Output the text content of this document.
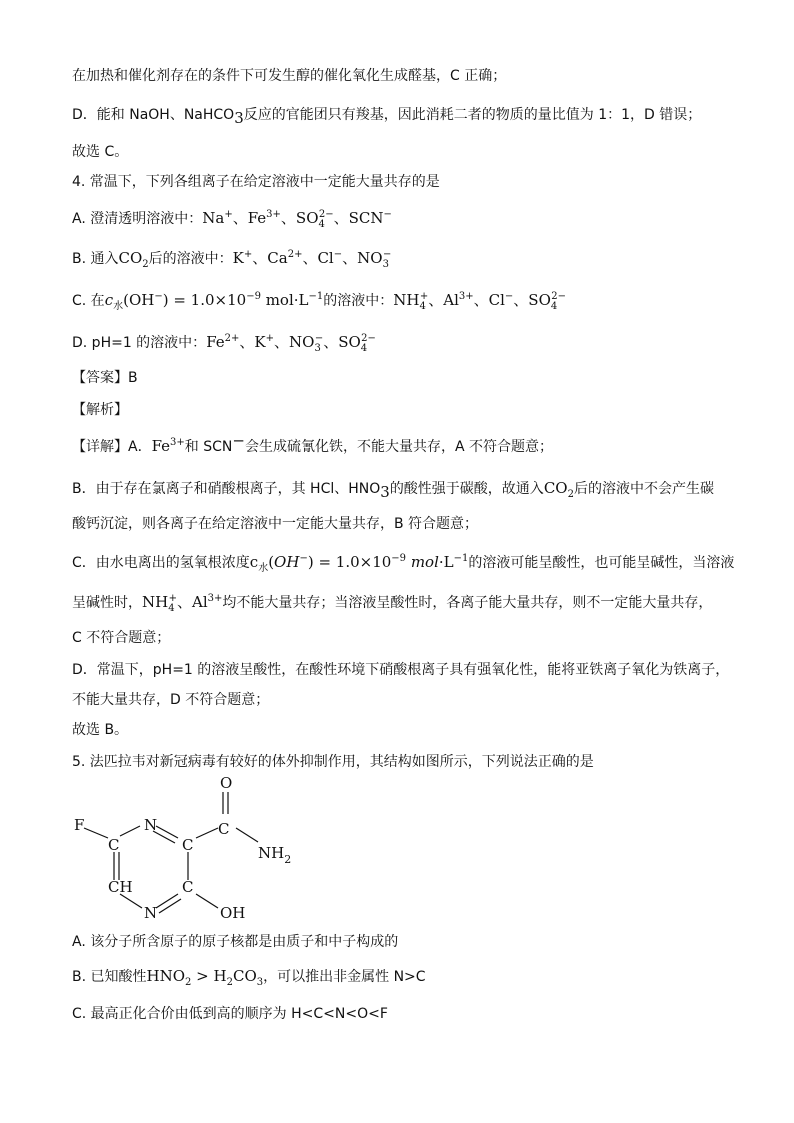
在加热和催化剂存在的条件下可发生醇的催化氧化生成醛基，C 正确；
D．能和 NaOH、NaHCO$_3$反应的官能团只有羧基，因此消耗二者的物质的量比值为 1：1，D 错误；
故选 C。
4. 常温下，下列各组离子在给定溶液中一定能大量共存的是
A. 澄清透明溶液中：Na+、$Fe^{3+}$、$SO_4^{2-}$、SCN−
B. 通入$CO_2$后的溶液中：K+、$Ca^{2+}$、Cl−、$NO_3^-$
C. 在$c_水(OH^-) = 1.0\times 10^{-9}$ $mol\cdot L^{-1}$的溶液中：$NH_4^+$、$Al^{3+}$、Cl−、$SO_4^{2-}$
D. pH=1 的溶液中：$Fe^{2+}$、K+、$NO_3^-$、$SO_4^{2-}$
【答案】B
【解析】
【详解】A．$Fe^{3+}$和 SCN−会生成硫氰化铁，不能大量共存，A 不符合题意；
B．由于存在氯离子和硝酸根离子，其 HCl、$HNO_3$的酸性强于碳酸，故通入$CO_2$后的溶液中不会产生碳
酸钙沉淀，则各离子在给定溶液中一定能大量共存，B 符合题意；
C．由水电离出的氢氧根浓度$c_水(OH^-) = 1.0\times 10^{-9}$ $mol\cdot L^{-1}$的溶液可能呈酸性，也可能呈碱性，当溶液
呈碱性时，$NH_4^+$、$Al^{3+}$均不能大量共存；当溶液呈酸性时，各离子能大量共存，则不一定能大量共存，
C 不符合题意；
D．常温下，pH=1 的溶液呈酸性，在酸性环境下硝酸根离子具有强氧化性，能将亚铁离子氧化为铁离子，
不能大量共存，D 不符合题意；
故选 B。
5. 法匹拉韦对新冠病毒有较好的体外抑制作用，其结构如图所示，下列说法正确的是
F	N
O
C	C
C
$NH_2$
CH	C
N	OH
A. 该分子所含原子的原子核都是由质子和中子构成的
B. 已知酸性$HNO_2 > H_2CO_3$，可以推出非金属性 N>C
C. 最高正化合价由低到高的顺序为 H<C<N<O<F
